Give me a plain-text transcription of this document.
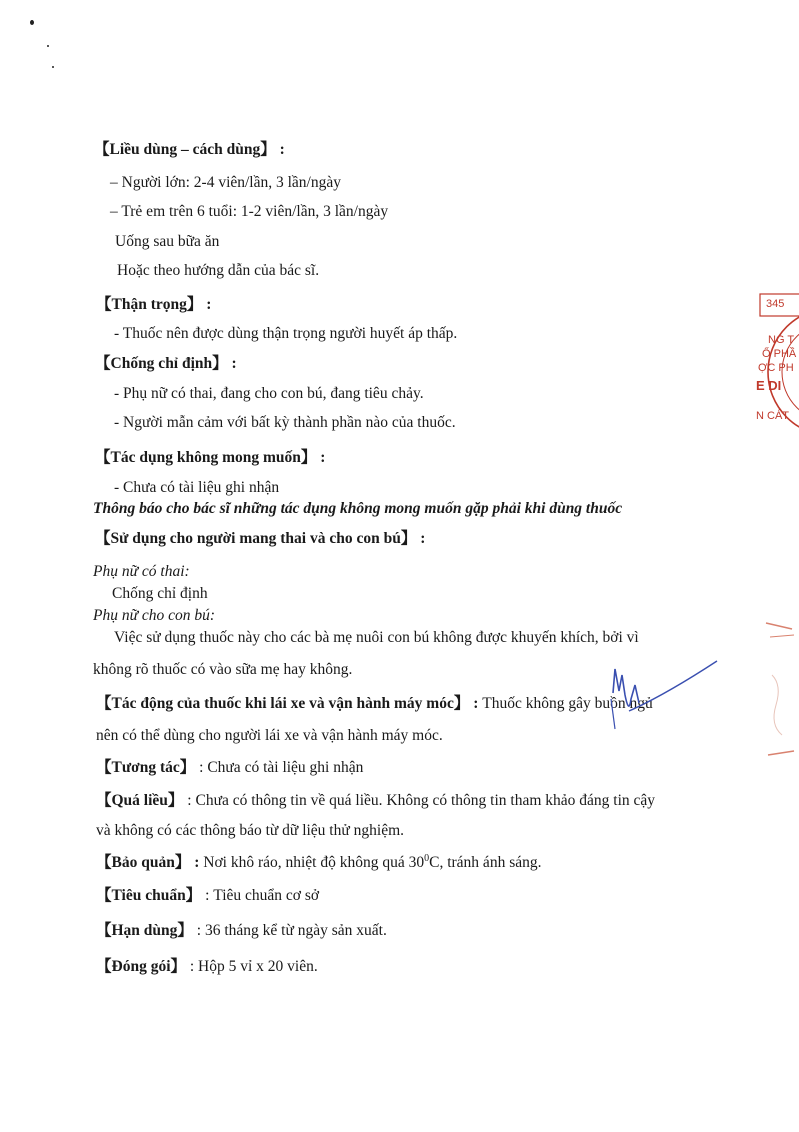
【Liều dùng – cách dùng】 :
– Người lớn: 2-4 viên/lần, 3 lần/ngày
– Trẻ em trên 6 tuổi: 1-2 viên/lần, 3 lần/ngày
Uống sau bữa ăn
Hoặc theo hướng dẫn của bác sĩ.
【Thận trọng】 :
- Thuốc nên được dùng thận trọng người huyết áp thấp.
【Chống chỉ định】 :
- Phụ nữ có thai, đang cho con bú, đang tiêu chảy.
- Người mẫn cảm với bất kỳ thành phần nào của thuốc.
【Tác dụng không mong muốn】 :
- Chưa có tài liệu ghi nhận
Thông báo cho bác sĩ những tác dụng không mong muốn gặp phải khi dùng thuốc
【Sử dụng cho người mang thai và cho con bú】 :
Phụ nữ có thai:
Chống chỉ định
Phụ nữ cho con bú:
Việc sử dụng thuốc này cho các bà mẹ nuôi con bú không được khuyến khích, bởi vì
không rõ thuốc có vào sữa mẹ hay không.
【Tác động của thuốc khi lái xe và vận hành máy móc】 : Thuốc không gây buồn ngủ
nên có thể dùng cho người lái xe và vận hành máy móc.
【Tương tác】 : Chưa có tài liệu ghi nhận
【Quá liều】 : Chưa có thông tin về quá liều. Không có thông tin tham khảo đáng tin cậy
và không có các thông báo từ dữ liệu thử nghiệm.
【Bảo quản】 : Nơi khô ráo, nhiệt độ không quá $30^0C$, tránh ánh sáng.
【Tiêu chuẩn】 : Tiêu chuẩn cơ sở
【Hạn dùng】 : 36 tháng kể từ ngày sản xuất.
【Đóng gói】 : Hộp 5 vỉ x 20 viên.
345
NG T
Ổ PHẦ
ỢC PH
E DI
N CÁT
